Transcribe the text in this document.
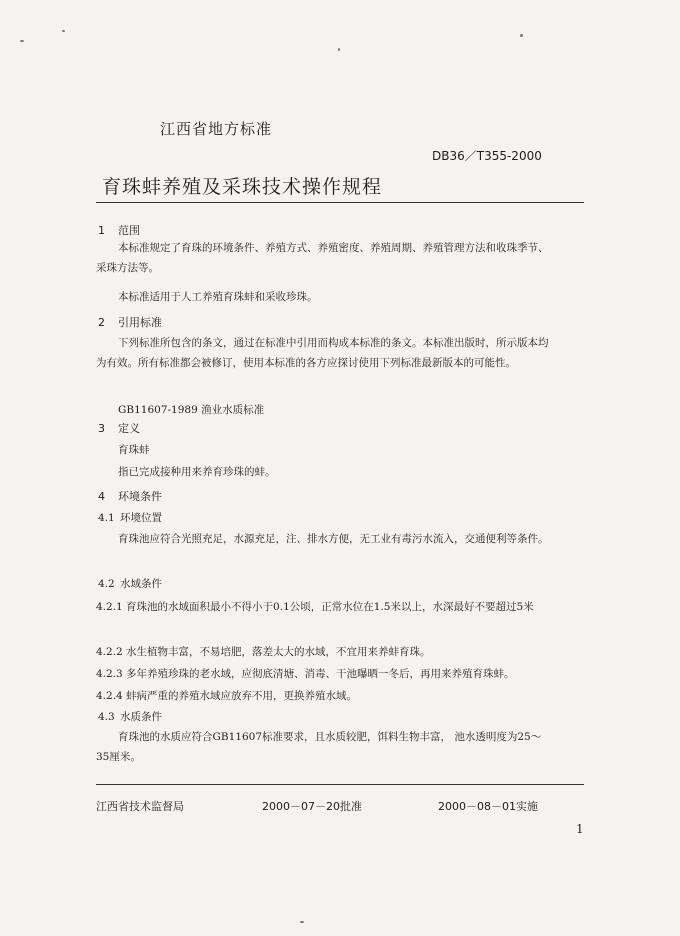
江西省地方标准
DB36／T355-2000
育珠蚌养殖及采珠技术操作规程
1 范围
本标准规定了育珠的环境条件、养殖方式、养殖密度、养殖周期、养殖管理方法和收珠季节、采珠方法等。
本标准适用于人工养殖育珠蚌和采收珍珠。
2 引用标准
下列标准所包含的条文，通过在标准中引用而构成本标准的条文。本标准出版时，所示版本均为有效。所有标准都会被修订，使用本标准的各方应探讨使用下列标准最新版本的可能性。
GB11607-1989 渔业水质标准
3 定义
育珠蚌
指已完成接种用来养育珍珠的蚌。
4 环境条件
4.1 环境位置
育珠池应符合光照充足，水源充足，注、排水方便，无工业有毒污水流入，交通便利等条件。
4.2 水域条件
4.2.1 育珠池的水域面积最小不得小于0.1公顷，正常水位在1.5米以上，水深最好不要超过5米
4.2.2 水生植物丰富，不易培肥，落差太大的水域，不宜用来养蚌育珠。
4.2.3 多年养殖珍珠的老水域，应彻底清塘、消毒、干池曝晒一冬后，再用来养殖育珠蚌。
4.2.4 蚌病严重的养殖水域应放弃不用，更换养殖水域。
4.3 水质条件
育珠池的水质应符合GB11607标准要求，且水质较肥，饵料生物丰富， 池水透明度为25～35厘米。
江西省技术监督局	2000－07－20批准	2000－08－01实施
1
